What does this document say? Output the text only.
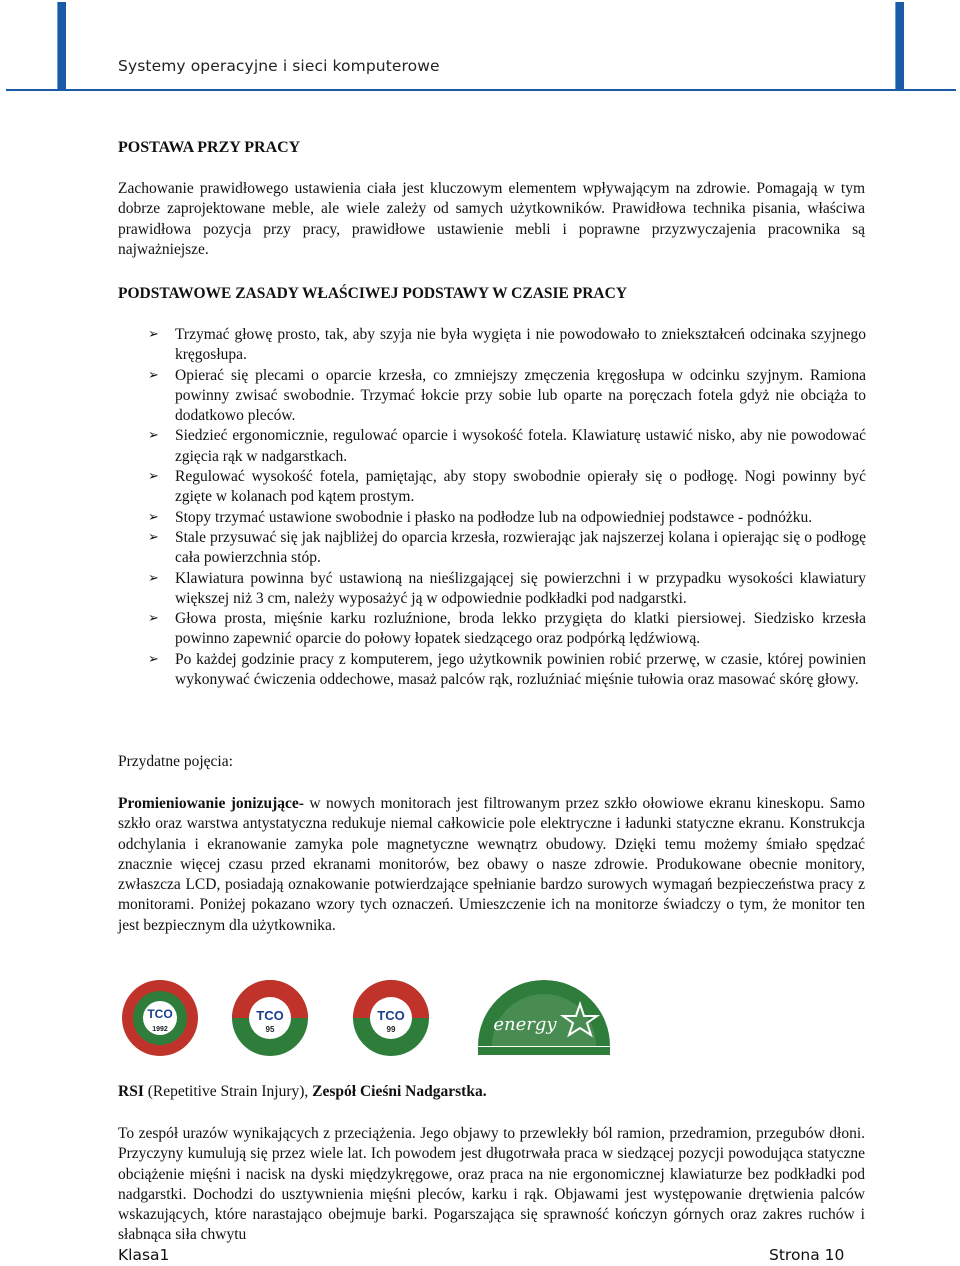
Systemy operacyjne i sieci komputerowe
POSTAWA PRZY PRACY
Zachowanie prawidłowego ustawienia ciała jest kluczowym elementem wpływającym na zdrowie. Pomagają w tym dobrze zaprojektowane meble, ale wiele zależy od samych użytkowników. Prawidłowa technika pisania, właściwa prawidłowa pozycja przy pracy, prawidłowe ustawienie mebli i poprawne przyzwyczajenia pracownika są najważniejsze.
PODSTAWOWE ZASADY WŁAŚCIWEJ PODSTAWY W CZASIE PRACY
➢ Trzymać głowę prosto, tak, aby szyja nie była wygięta i nie powodowało to zniekształceń odcinaka szyjnego kręgosłupa.
➢ Opierać się plecami o oparcie krzesła, co zmniejszy zmęczenia kręgosłupa w odcinku szyjnym. Ramiona powinny zwisać swobodnie. Trzymać łokcie przy sobie lub oparte na poręczach fotela gdyż nie obciąża to dodatkowo pleców.
➢ Siedzieć ergonomicznie, regulować oparcie i wysokość fotela. Klawiaturę ustawić nisko, aby nie powodować zgięcia rąk w nadgarstkach.
➢ Regulować wysokość fotela, pamiętając, aby stopy swobodnie opierały się o podłogę. Nogi powinny być zgięte w kolanach pod kątem prostym.
➢ Stopy trzymać ustawione swobodnie i płasko na podłodze lub na odpowiedniej podstawce - podnóżku.
➢ Stale przysuwać się jak najbliżej do oparcia krzesła, rozwierając jak najszerzej kolana i opierając się o podłogę cała powierzchnia stóp.
➢ Klawiatura powinna być ustawioną na nieślizgającej się powierzchni i w przypadku wysokości klawiatury większej niż 3 cm, należy wyposażyć ją w odpowiednie podkładki pod nadgarstki.
➢ Głowa prosta, mięśnie karku rozluźnione, broda lekko przygięta do klatki piersiowej. Siedzisko krzesła powinno zapewnić oparcie do połowy łopatek siedzącego oraz podpórką lędźwiową.
➢ Po każdej godzinie pracy z komputerem, jego użytkownik powinien robić przerwę, w czasie, której powinien wykonywać ćwiczenia oddechowe, masaż palców rąk, rozluźniać mięśnie tułowia oraz masować skórę głowy.
Przydatne pojęcia:
Promieniowanie jonizujące- w nowych monitorach jest filtrowanym przez szkło ołowiowe ekranu kineskopu. Samo szkło oraz warstwa antystatyczna redukuje niemal całkowicie pole elektryczne i ładunki statyczne ekranu. Konstrukcja odchylania i ekranowanie zamyka pole magnetyczne wewnątrz obudowy. Dzięki temu możemy śmiało spędzać znacznie więcej czasu przed ekranami monitorów, bez obawy o nasze zdrowie. Produkowane obecnie monitory, zwłaszcza LCD, posiadają oznakowanie potwierdzające spełnianie bardzo surowych wymagań bezpieczeństwa pracy z monitorami. Poniżej pokazano wzory tych oznaczeń. Umieszczenie ich na monitorze świadczy o tym, że monitor ten jest bezpiecznym dla użytkownika.
TCO
1992
TCO
95
TCO
99	energy
RSI (Repetitive Strain Injury), Zespół Cieśni Nadgarstka.
To zespół urazów wynikających z przeciążenia. Jego objawy to przewlekły ból ramion, przedramion, przegubów dłoni. Przyczyny kumulują się przez wiele lat. Ich powodem jest długotrwała praca w siedzącej pozycji powodująca statyczne obciążenie mięśni i nacisk na dyski międzykręgowe, oraz praca na nie ergonomicznej klawiaturze bez podkładki pod nadgarstki. Dochodzi do usztywnienia mięśni pleców, karku i rąk. Objawami jest występowanie drętwienia palców wskazujących, które narastająco obejmuje barki. Pogarszająca się sprawność kończyn górnych oraz zakres ruchów i słabnąca siła chwytu
Klasa1	Strona 10
